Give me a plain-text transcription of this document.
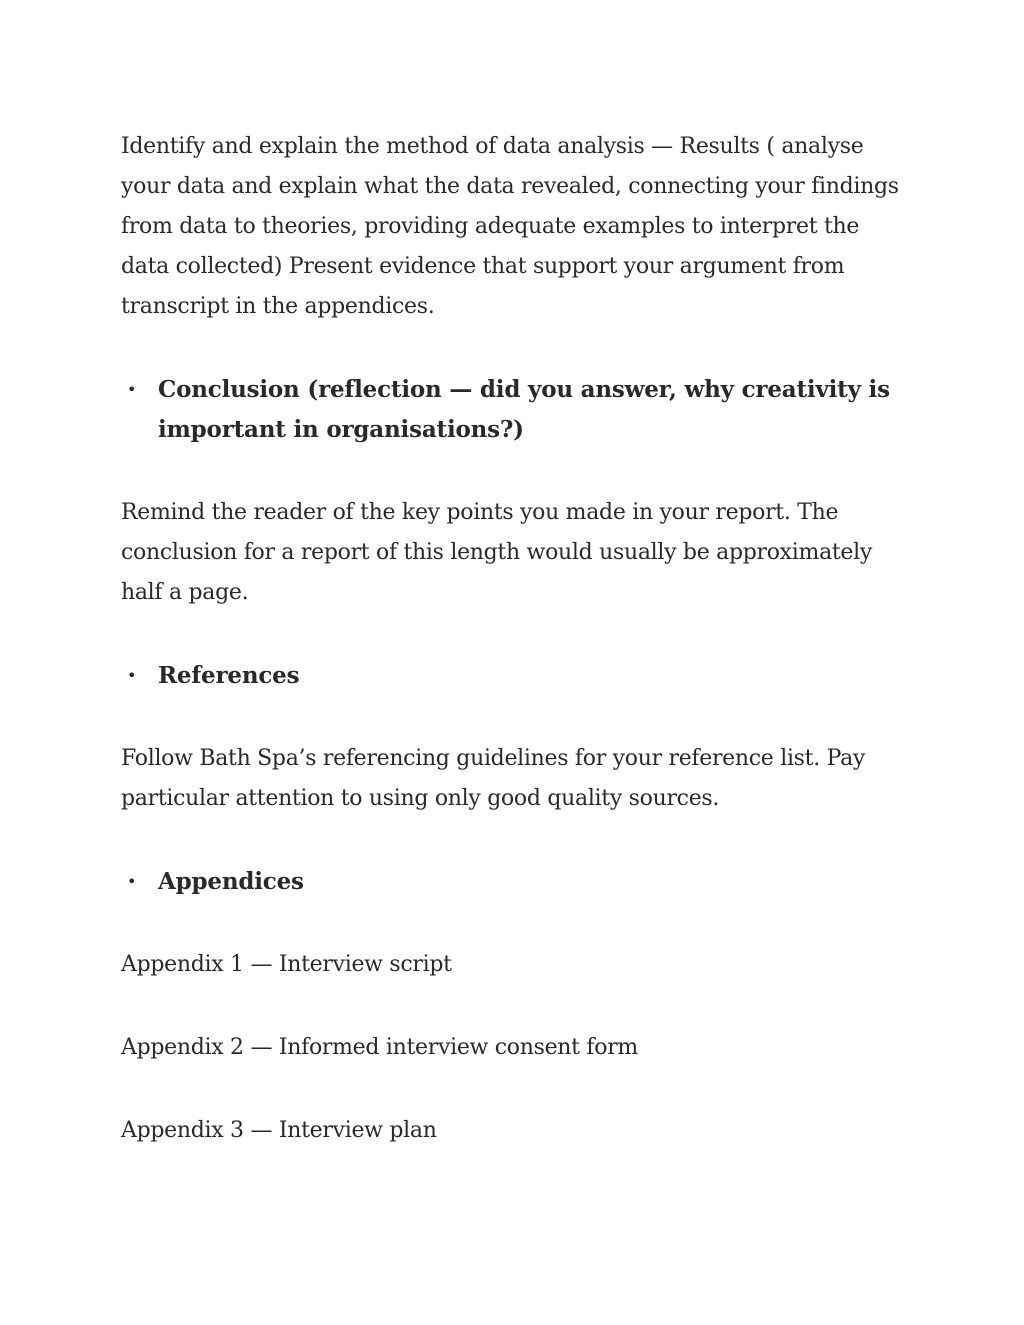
Identify and explain the method of data analysis — Results ( analyse your data and explain what the data revealed, connecting your findings from data to theories, providing adequate examples to interpret the data collected) Present evidence that support your argument from transcript in the appendices.

• Conclusion (reflection — did you answer, why creativity is important in organisations?)

Remind the reader of the key points you made in your report. The conclusion for a report of this length would usually be approximately half a page.

• References

Follow Bath Spa’s referencing guidelines for your reference list. Pay particular attention to using only good quality sources.

• Appendices

Appendix 1 — Interview script

Appendix 2 — Informed interview consent form

Appendix 3 — Interview plan
